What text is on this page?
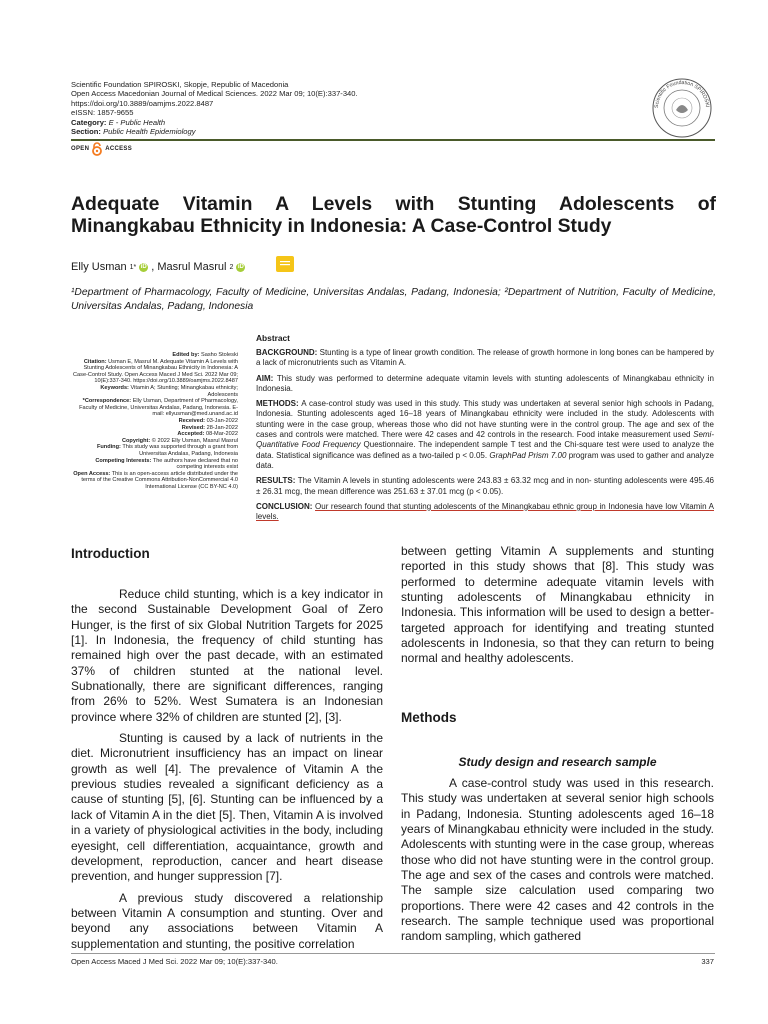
Scientific Foundation SPIROSKI, Skopje, Republic of Macedonia
Open Access Macedonian Journal of Medical Sciences. 2022 Mar 09; 10(E):337-340.
https://doi.org/10.3889/oamjms.2022.8487
eISSN: 1857-9655
Category: E - Public Health
Section: Public Health Epidemiology
Scientific Foundation SPIROSKI
OPEN	ACCESS
Adequate Vitamin A Levels with Stunting Adolescents of
Minangkabau Ethnicity in Indonesia: A Case-Control Study
Elly Usman 1* iD , Masrul Masrul 2 iD
¹Department of Pharmacology, Faculty of Medicine, Universitas Andalas, Padang, Indonesia; ²Department of Nutrition, Faculty of Medicine, Universitas Andalas, Padang, Indonesia
Edited by: Sasho Stoleski
Citation: Usman E, Masrul M. Adequate Vitamin A Levels with Stunting Adolescents of Minangkabau Ethnicity in Indonesia: A Case-Control Study. Open Access Maced J Med Sci. 2022 Mar 09; 10(E):337-340. https://doi.org/10.3889/oamjms.2022.8487
Keywords: Vitamin A; Stunting; Minangkabau ethnicity; Adolescents
*Correspondence: Elly Usman, Department of Pharmacology, Faculty of Medicine, Universitas Andalas, Padang, Indonesia. E-mail: ellyusman@med.unand.ac.id
Received: 03-Jan-2022
Revised: 28-Jan-2022
Accepted: 08-Mar-2022
Copyright: © 2022 Elly Usman, Masrul Masrul
Funding: This study was supported through a grant from Universitas Andalas, Padang, Indonesia
Competing Interests: The authors have declared that no competing interests exist
Open Access: This is an open-access article distributed under the terms of the Creative Commons Attribution-NonCommercial 4.0 International License (CC BY-NC 4.0)
Abstract

BACKGROUND: Stunting is a type of linear growth condition. The release of growth hormone in long bones can be hampered by a lack of micronutrients such as Vitamin A.

AIM: This study was performed to determine adequate vitamin levels with stunting adolescents of Minangkabau ethnicity in Indonesia.

METHODS: A case-control study was used in this study. This study was undertaken at several senior high schools in Padang, Indonesia. Stunting adolescents aged 16–18 years of Minangkabau ethnicity were included in the study. Adolescents with stunting were in the case group, whereas those who did not have stunting were in the control group. The age and sex of the cases and controls were matched. There were 42 cases and 42 controls in the research. Food intake measurement used Semi-Quantitative Food Frequency Questionnaire. The independent sample T test and the Chi-square test were used to analyze the data. Statistical significance was defined as a two-tailed p < 0.05. GraphPad Prism 7.00 program was used to gather and analyze data.

RESULTS: The Vitamin A levels in stunting adolescents were 243.83 ± 63.32 mcg and in non- stunting adolescents were 495.46 ± 26.31 mcg, the mean difference was 251.63 ± 37.01 mcg (p < 0.05).

CONCLUSION: Our research found that stunting adolescents of the Minangkabau ethnic group in Indonesia have low Vitamin A levels.

Introduction

Reduce child stunting, which is a key indicator in the second Sustainable Development Goal of Zero Hunger, is the first of six Global Nutrition Targets for 2025 [1]. In Indonesia, the frequency of child stunting has remained high over the past decade, with an estimated 37% of children stunted at the national level. Subnationally, there are significant differences, ranging from 26% to 52%. West Sumatera is an Indonesian province where 32% of children are stunted [2], [3].

Stunting is caused by a lack of nutrients in the diet. Micronutrient insufficiency has an impact on linear growth as well [4]. The prevalence of Vitamin A the previous studies revealed a significant deficiency as a cause of stunting [5], [6]. Stunting can be influenced by a lack of Vitamin A in the diet [5]. Then, Vitamin A is involved in a variety of physiological activities in the body, including eyesight, cell differentiation, acquaintance, growth and development, reproduction, cancer and heart disease prevention, and hunger suppression [7].

A previous study discovered a relationship between Vitamin A consumption and stunting. Over and beyond any associations between Vitamin A supplementation and stunting, the positive correlation

between getting Vitamin A supplements and stunting reported in this study shows that [8]. This study was performed to determine adequate vitamin levels with stunting adolescents of Minangkabau ethnicity in Indonesia. This information will be used to design a better-targeted approach for identifying and treating stunted adolescents in Indonesia, so that they can return to being normal and healthy adolescents.

Methods
Study design and research sample

A case-control study was used in this research. This study was undertaken at several senior high schools in Padang, Indonesia. Stunting adolescents aged 16–18 years of Minangkabau ethnicity were included in the study. Adolescents with stunting were in the case group, whereas those who did not have stunting were in the control group. The age and sex of the cases and controls were matched. The sample size calculation used comparing two proportions. There were 42 cases and 42 controls in the research. The sample technique used was proportional random sampling, which gathered

Open Access Maced J Med Sci. 2022 Mar 09; 10(E):337-340.	337
